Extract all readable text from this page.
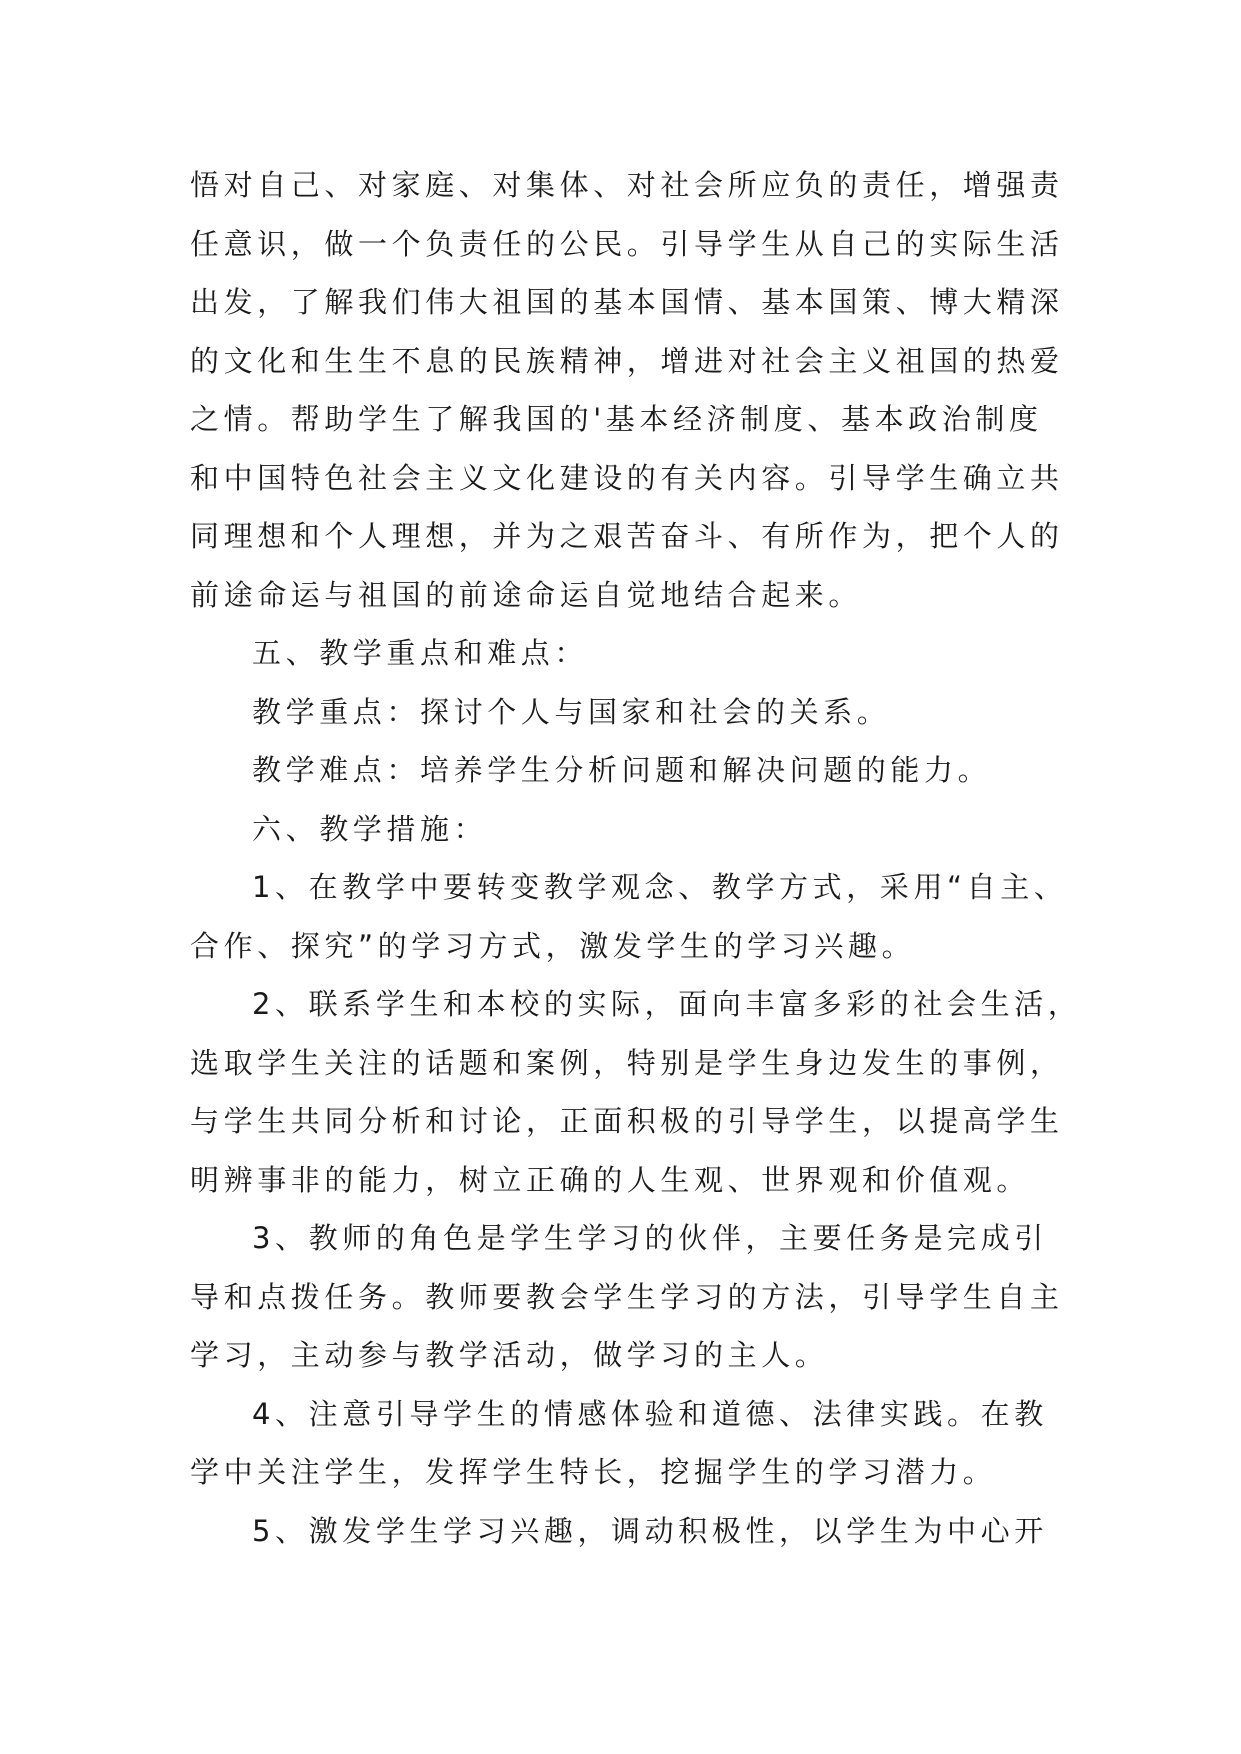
悟对自己、对家庭、对集体、对社会所应负的责任，增强责
任意识，做一个负责任的公民。引导学生从自己的实际生活
出发，了解我们伟大祖国的基本国情、基本国策、博大精深
的文化和生生不息的民族精神，增进对社会主义祖国的热爱
之情。帮助学生了解我国的'基本经济制度、基本政治制度
和中国特色社会主义文化建设的有关内容。引导学生确立共
同理想和个人理想，并为之艰苦奋斗、有所作为，把个人的
前途命运与祖国的前途命运自觉地结合起来。
五、教学重点和难点：
教学重点：探讨个人与国家和社会的关系。
教学难点：培养学生分析问题和解决问题的能力。
六、教学措施：
1、在教学中要转变教学观念、教学方式，采用“自主、
合作、探究”的学习方式，激发学生的学习兴趣。
2、联系学生和本校的实际，面向丰富多彩的社会生活，
选取学生关注的话题和案例，特别是学生身边发生的事例，
与学生共同分析和讨论，正面积极的引导学生，以提高学生
明辨事非的能力，树立正确的人生观、世界观和价值观。
3、教师的角色是学生学习的伙伴，主要任务是完成引
导和点拨任务。教师要教会学生学习的方法，引导学生自主
学习，主动参与教学活动，做学习的主人。
4、注意引导学生的情感体验和道德、法律实践。在教
学中关注学生，发挥学生特长，挖掘学生的学习潜力。
5、激发学生学习兴趣，调动积极性，以学生为中心开
